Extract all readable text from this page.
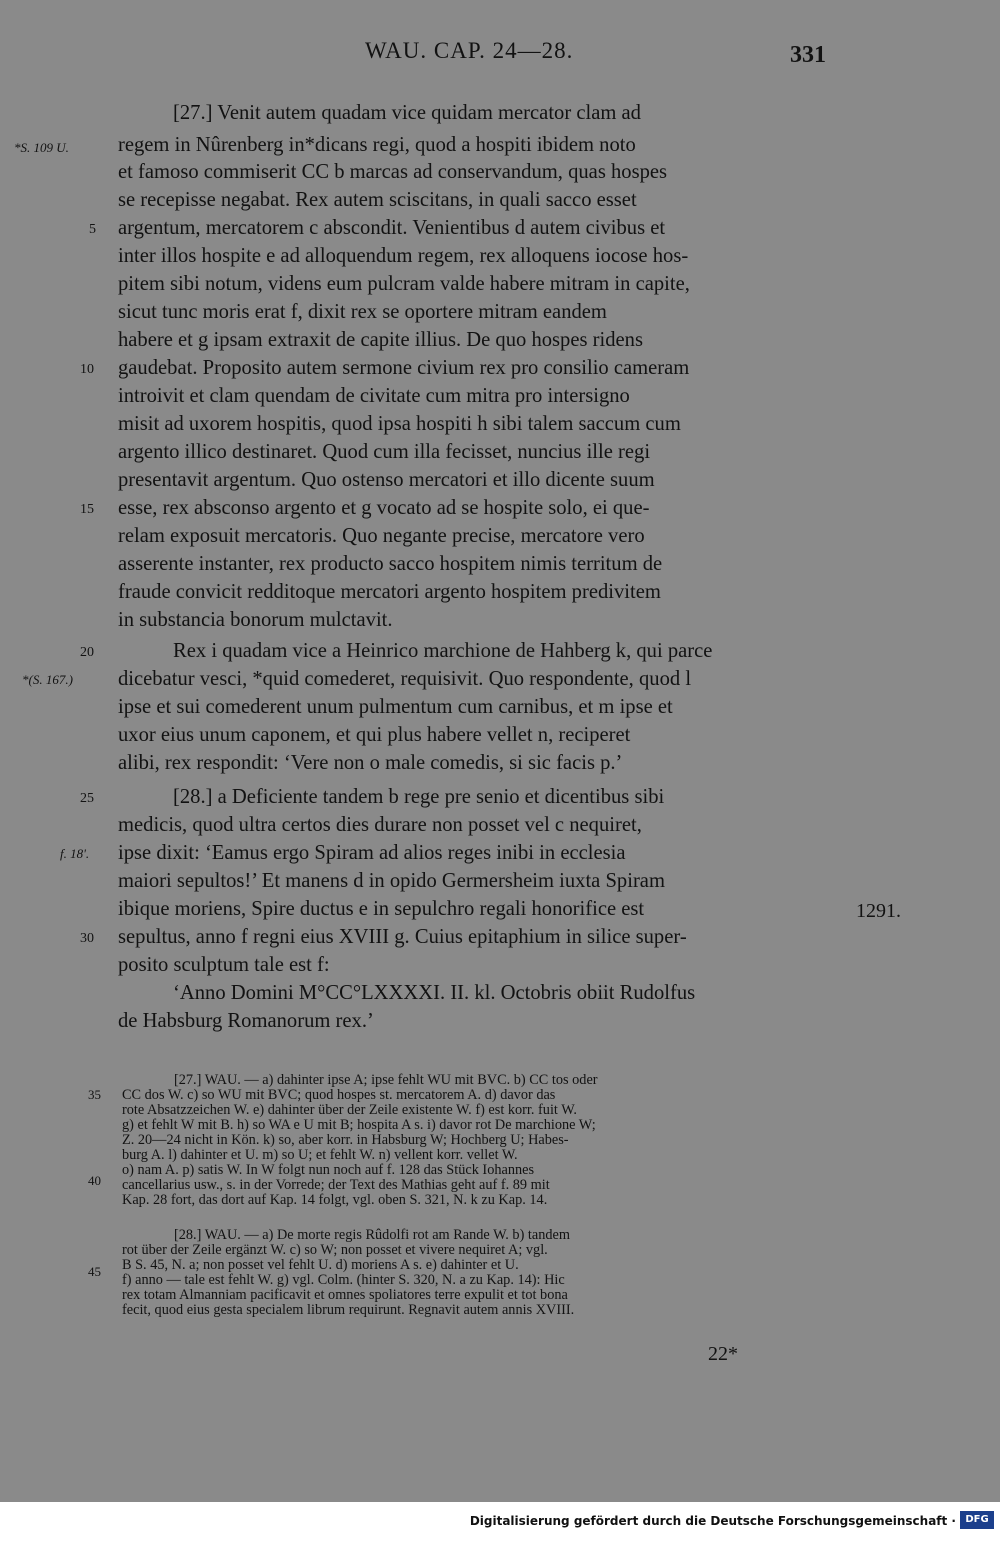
WAU. CAP. 24—28.	331
[27.] Venit autem quadam vice quidam mercator clam ad
regem in Nûrenberg in*dicans regi, quod a hospiti ibidem noto
et famoso commiserit CC b marcas ad conservandum, quas hospes
se recepisse negabat. Rex autem sciscitans, in quali sacco esset
argentum, mercatorem c abscondit. Venientibus d autem civibus et
inter illos hospite e ad alloquendum regem, rex alloquens iocose hos-
pitem sibi notum, videns eum pulcram valde habere mitram in capite,
sicut tunc moris erat f, dixit rex se oportere mitram eandem
habere et g ipsam extraxit de capite illius. De quo hospes ridens
gaudebat. Proposito autem sermone civium rex pro consilio cameram
introivit et clam quendam de civitate cum mitra pro intersigno
misit ad uxorem hospitis, quod ipsa hospiti h sibi talem saccum cum
argento illico destinaret. Quod cum illa fecisset, nuncius ille regi
presentavit argentum. Quo ostenso mercatori et illo dicente suum
esse, rex absconso argento et g vocato ad se hospite solo, ei que-
relam exposuit mercatoris. Quo negante precise, mercatore vero
asserente instanter, rex producto sacco hospitem nimis territum de
fraude convicit redditoque mercatori argento hospitem predivitem
in substancia bonorum mulctavit.
Rex i quadam vice a Heinrico marchione de Hahberg k, qui parce
dicebatur vesci, *quid comederet, requisivit. Quo respondente, quod l
ipse et sui comederent unum pulmentum cum carnibus, et m ipse et
uxor eius unum caponem, et qui plus habere vellet n, reciperet
alibi, rex respondit: ‘Vere non o male comedis, si sic facis p.’
[28.] a Deficiente tandem b rege pre senio et dicentibus sibi
medicis, quod ultra certos dies durare non posset vel c nequiret,
ipse dixit: ‘Eamus ergo Spiram ad alios reges inibi in ecclesia
maiori sepultos!’ Et manens d in opido Germersheim iuxta Spiram
ibique moriens, Spire ductus e in sepulchro regali honorifice est
sepultus, anno f regni eius XVIII g. Cuius epitaphium in silice super-
posito sculptum tale est f:
‘Anno Domini M°CC°LXXXXI. II. kl. Octobris obiit Rudolfus
de Habsburg Romanorum rex.’
5
10
15
20
25
30
*S. 109 U.
*(S. 167.)
f. 18'.
1291.
[27.] WAU. — a) dahinter ipse A; ipse fehlt WU mit BVC. b) CC tos oder
CC dos W. c) so WU mit BVC; quod hospes st. mercatorem A. d) davor das
rote Absatzzeichen W. e) dahinter über der Zeile existente W. f) est korr. fuit W.
g) et fehlt W mit B. h) so WA e U mit B; hospita A s. i) davor rot De marchione W;
Z. 20—24 nicht in Kön. k) so, aber korr. in Habsburg W; Hochberg U; Habes-
burg A. l) dahinter et U. m) so U; et fehlt W. n) vellent korr. vellet W.
o) nam A. p) satis W. In W folgt nun noch auf f. 128 das Stück Iohannes
cancellarius usw., s. in der Vorrede; der Text des Mathias geht auf f. 89 mit
Kap. 28 fort, das dort auf Kap. 14 folgt, vgl. oben S. 321, N. k zu Kap. 14.
[28.] WAU. — a) De morte regis Rûdolfi rot am Rande W. b) tandem
rot über der Zeile ergänzt W. c) so W; non posset et vivere nequiret A; vgl.
B S. 45, N. a; non posset vel fehlt U. d) moriens A s. e) dahinter et U.
f) anno — tale est fehlt W. g) vgl. Colm. (hinter S. 320, N. a zu Kap. 14): Hic
rex totam Almanniam pacificavit et omnes spoliatores terre expulit et tot bona
fecit, quod eius gesta specialem librum requirunt. Regnavit autem annis XVIII.
35
40
45
22*
Digitalisierung gefördert durch die Deutsche Forschungsgemeinschaft · DFG
